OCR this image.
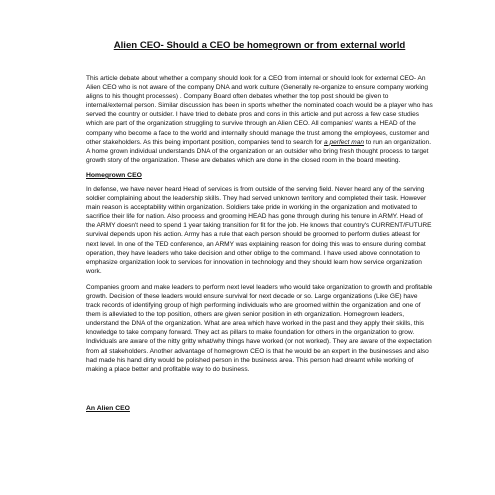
Alien CEO- Should a CEO be homegrown or from external world

This article debate about whether a company should look for a CEO from internal or should look for external CEO- An Alien CEO who is not aware of the company DNA and work culture (Generally re-organize to ensure company working aligns to his thought processes) . Company Board often debates whether the top post should be given to internal/external person. Similar discussion has been in sports whether the nominated coach would be a player who has served the country or outsider. I have tried to debate pros and cons in this article and put across a few case studies which are part of the organization struggling to survive through an Alien CEO. All companies' wants a HEAD of the company who become a face to the world and internally should manage the trust among the employees, customer and other stakeholders. As this being important position, companies tend to search for a perfect man to run an organization. A home grown individual understands DNA of the organization or an outsider who bring fresh thought process to target growth story of the organization. These are debates which are done in the closed room in the board meeting.

Homegrown CEO

In defense, we have never heard Head of services is from outside of the serving field. Never heard any of the serving soldier complaining about the leadership skills. They had served unknown territory and completed their task. However main reason is acceptability within organization. Soldiers take pride in working in the organization and motivated to sacrifice their life for nation. Also process and grooming HEAD has gone through during his tenure in ARMY. Head of the ARMY doesn't need to spend 1 year taking transition for fit for the job. He knows that country's CURRENT/FUTURE survival depends upon his action. Army has a rule that each person should be groomed to perform duties atleast for next level. In one of the TED conference, an ARMY was explaining reason for doing this was to ensure during combat operation, they have leaders who take decision and other oblige to the command. I have used above connotation to emphasize organization look to services for innovation in technology and they should learn how service organization work.

Companies groom and make leaders to perform next level leaders who would take organization to growth and profitable growth. Decision of these leaders would ensure survival for next decade or so. Large organizations (Like GE) have track records of identifying group of high performing individuals who are groomed within the organization and one of them is alleviated to the top position, others are given senior position in eth organization. Homegrown leaders, understand the DNA of the organization. What are area which have worked in the past and they apply their skills, this knowledge to take company forward. They act as pillars to make foundation for others in the organization to grow. Individuals are aware of the nitty gritty what/why things have worked (or not worked). They are aware of the expectation from all stakeholders. Another advantage of homegrown CEO is that he would be an expert in the businesses and also had made his hand dirty would be polished person in the business area. This person had dreamt while working of making a place better and profitable way to do business.

An Alien CEO
